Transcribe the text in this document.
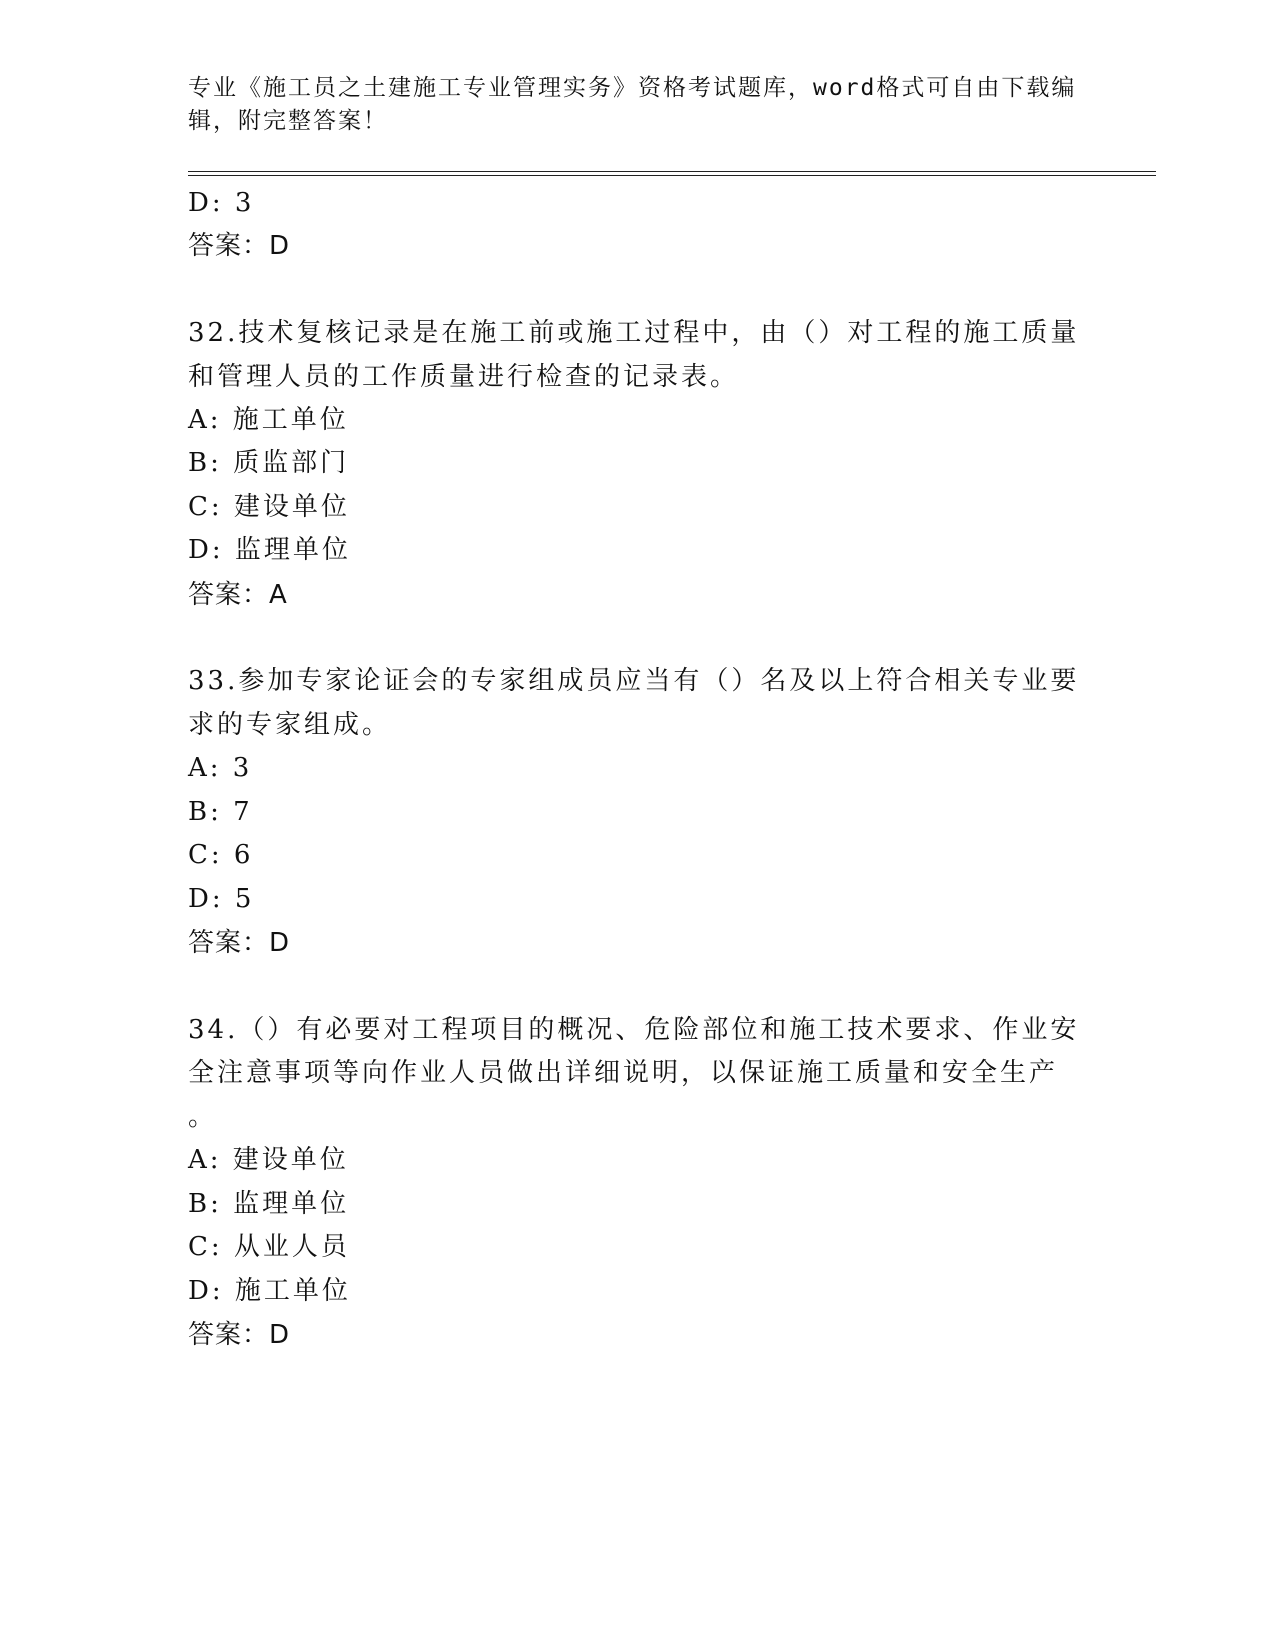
专业《施工员之土建施工专业管理实务》资格考试题库，word格式可自由下载编
辑，附完整答案！
D: 3
答案：D
32.技术复核记录是在施工前或施工过程中，由（）对工程的施工质量
和管理人员的工作质量进行检查的记录表。
A: 施工单位
B: 质监部门
C: 建设单位
D: 监理单位
答案：A
33.参加专家论证会的专家组成员应当有（）名及以上符合相关专业要
求的专家组成。
A: 3
B: 7
C: 6
D: 5
答案：D
34.（）有必要对工程项目的概况、危险部位和施工技术要求、作业安
全注意事项等向作业人员做出详细说明，以保证施工质量和安全生产
。
A: 建设单位
B: 监理单位
C: 从业人员
D: 施工单位
答案：D
